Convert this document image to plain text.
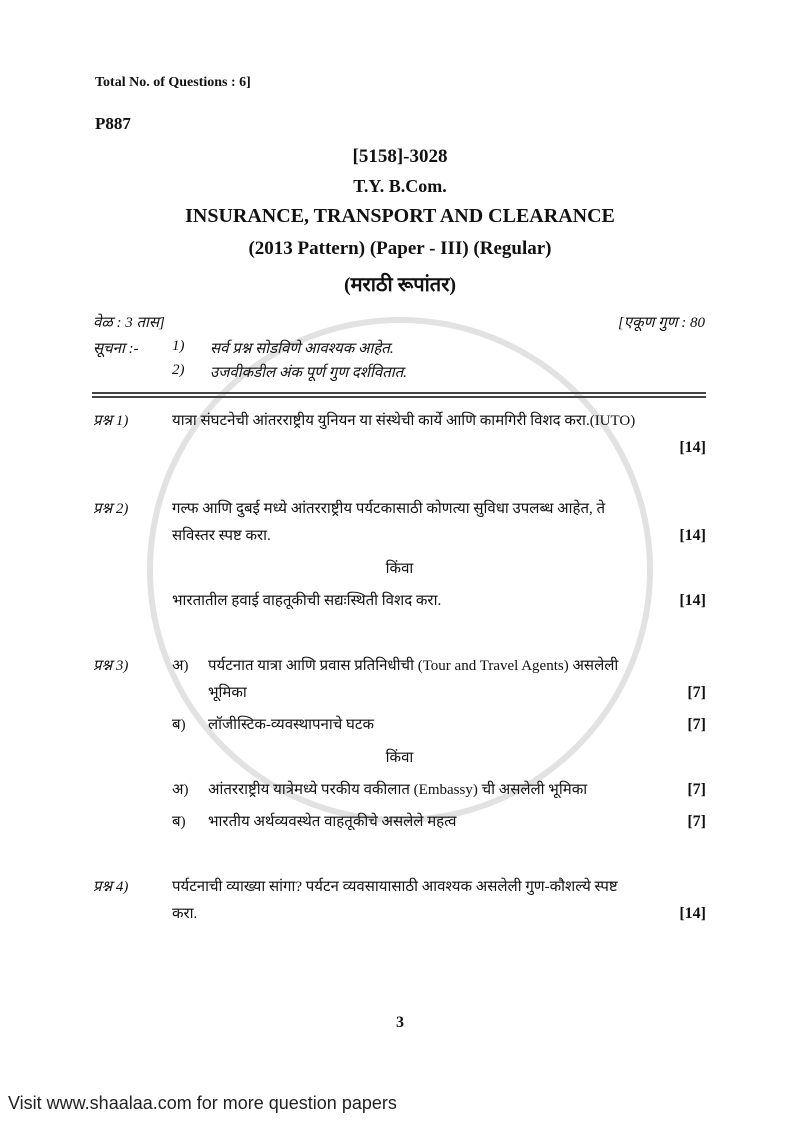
Total No. of Questions : 6]
P887
[5158]-3028
T.Y. B.Com.
INSURANCE, TRANSPORT AND CLEARANCE
(2013 Pattern) (Paper - III) (Regular)
(मराठी रूपांतर)
वेळ : 3 तास]	[एकूण गुण : 80
सूचना :- 1) सर्व प्रश्न सोडविणे आवश्यक आहेत.
2) उजवीकडील अंक पूर्ण गुण दर्शवितात.
प्रश्न 1)	यात्रा संघटनेची आंतरराष्ट्रीय युनियन या संस्थेची कार्ये आणि कामगिरी विशद करा.(IUTO)
[14]
प्रश्न 2)	गल्फ आणि दुबई मध्ये आंतरराष्ट्रीय पर्यटकासाठी कोणत्या सुविधा उपलब्ध आहेत, ते
सविस्तर स्पष्ट करा.	[14]
किंवा
भारतातील हवाई वाहतूकीची सद्यःस्थिती विशद करा.	[14]
प्रश्न 3)	अ)	पर्यटनात यात्रा आणि प्रवास प्रतिनिधीची (Tour and Travel Agents) असलेली
भूमिका	[7]
ब)	लॉजीस्टिक-व्यवस्थापनाचे घटक	[7]
किंवा
अ)	आंतरराष्ट्रीय यात्रेमध्ये परकीय वकीलात (Embassy) ची असलेली भूमिका	[7]
ब)	भारतीय अर्थव्यवस्थेत वाहतूकीचे असलेले महत्व	[7]
प्रश्न 4)	पर्यटनाची व्याख्या सांगा? पर्यटन व्यवसायासाठी आवश्यक असलेली गुण-कौशल्ये स्पष्ट
करा.	[14]
3
Visit www.shaalaa.com for more question papers
